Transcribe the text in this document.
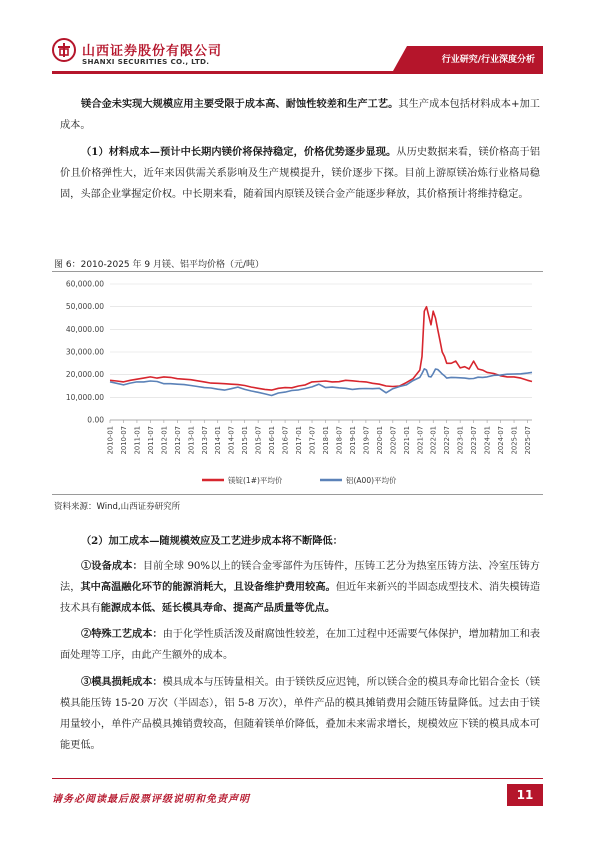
山西证券股份有限公司
SHANXI SECURITIES CO., LTD.	行业研究/行业深度分析
镁合金未实现大规模应用主要受限于成本高、耐蚀性较差和生产工艺。其生产成本包括材料成本+加工成本。
（1）材料成本—预计中长期内镁价将保持稳定，价格优势逐步显现。从历史数据来看，镁价格高于铝价且价格弹性大，近年来因供需关系影响及生产规模提升，镁价逐步下探。目前上游原镁冶炼行业格局稳固，头部企业掌握定价权。中长期来看，随着国内原镁及镁合金产能逐步释放，其价格预计将维持稳定。
图 6：2010-2025 年 9 月镁、铝平均价格（元/吨）
0.00
10,000.00
20,000.00
30,000.00
40,000.00
50,000.00
60,000.00
2010-01 2010-07 2011-01 2011-07 2012-01 2012-07 2013-01 2013-07 2014-01 2014-07 2015-01 2015-07 2016-01 2016-07 2017-01 2017-07 2018-01 2018-07 2019-01 2019-07 2020-01 2020-07 2021-01 2021-07 2022-01 2022-07 2023-01 2023-07 2024-01 2024-07 2025-01 2025-07
镁锭(1#)平均价	铝(A00)平均价
资料来源：Wind,山西证券研究所
（2）加工成本—随规模效应及工艺进步成本将不断降低：
①设备成本：目前全球 90%以上的镁合金零部件为压铸件，压铸工艺分为热室压铸方法、冷室压铸方法，其中高温融化环节的能源消耗大，且设备维护费用较高。但近年来新兴的半固态成型技术、消失模铸造技术具有能源成本低、延长模具寿命、提高产品质量等优点。
②特殊工艺成本：由于化学性质活泼及耐腐蚀性较差，在加工过程中还需要气体保护，增加精加工和表面处理等工序，由此产生额外的成本。
③模具损耗成本：模具成本与压铸量相关。由于镁铁反应迟钝，所以镁合金的模具寿命比铝合金长（镁模具能压铸 15-20 万次（半固态），铝 5-8 万次），单件产品的模具摊销费用会随压铸量降低。过去由于镁用量较小，单件产品模具摊销费较高，但随着镁单价降低，叠加未来需求增长，规模效应下镁的模具成本可能更低。
请务必阅读最后股票评级说明和免责声明	11
